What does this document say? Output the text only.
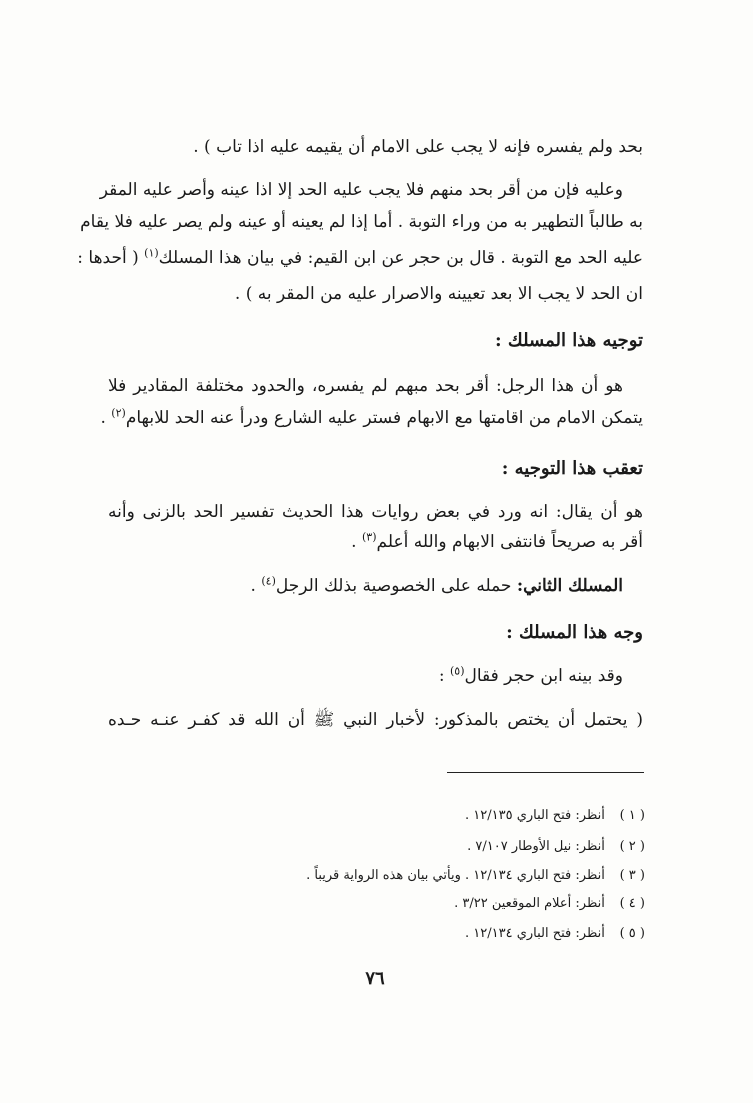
بحد ولم يفسره فإنه لا يجب على الامام أن يقيمه عليه اذا تاب ) .
وعليه فإن من أقر بحد منهم فلا يجب عليه الحد إلا اذا عينه وأصر عليه المقر
به طالباً التطهير به من وراء التوبة . أما إذا لم يعينه أو عينه ولم يصر عليه فلا يقام
عليه الحد مع التوبة . قال بن حجر عن ابن القيم: في بيان هذا المسلك$^{(١)}$ ( أحدها :
ان الحد لا يجب الا بعد تعيينه والاصرار عليه من المقر به ) .
توجيه هذا المسلك :
هو أن هذا الرجل: أقر بحد مبهم لم يفسره، والحدود مختلفة المقادير فلا
يتمكن الامام من اقامتها مع الابهام فستر عليه الشارع ودرأ عنه الحد للابهام$^{(٢)}$ .
تعقب هذا التوجيه :
هو أن يقال: انه ورد في بعض روايات هذا الحديث تفسير الحد بالزنى وأنه
أقر به صريحاً فانتفى الابهام والله أعلم$^{(٣)}$ .
المسلك الثاني: حمله على الخصوصية بذلك الرجل$^{(٤)}$ .
وجه هذا المسلك :
وقد بينه ابن حجر فقال$^{(٥)}$ :
( يحتمل أن يختص بالمذكور: لأخبار النبي ﷺ أن الله قد كفـر عنـه حـده
( ١ ) أنظر: فتح الباري ١٢/١٣٥ .
( ٢ ) أنظر: نيل الأوطار ٧/١٠٧ .
( ٣ ) أنظر: فتح الباري ١٢/١٣٤ . ويأتي بيان هذه الرواية قريباً .
( ٤ ) أنظر: أعلام الموقعين ٣/٢٢ .
( ٥ ) أنظر: فتح الباري ١٢/١٣٤ .
٧٦
